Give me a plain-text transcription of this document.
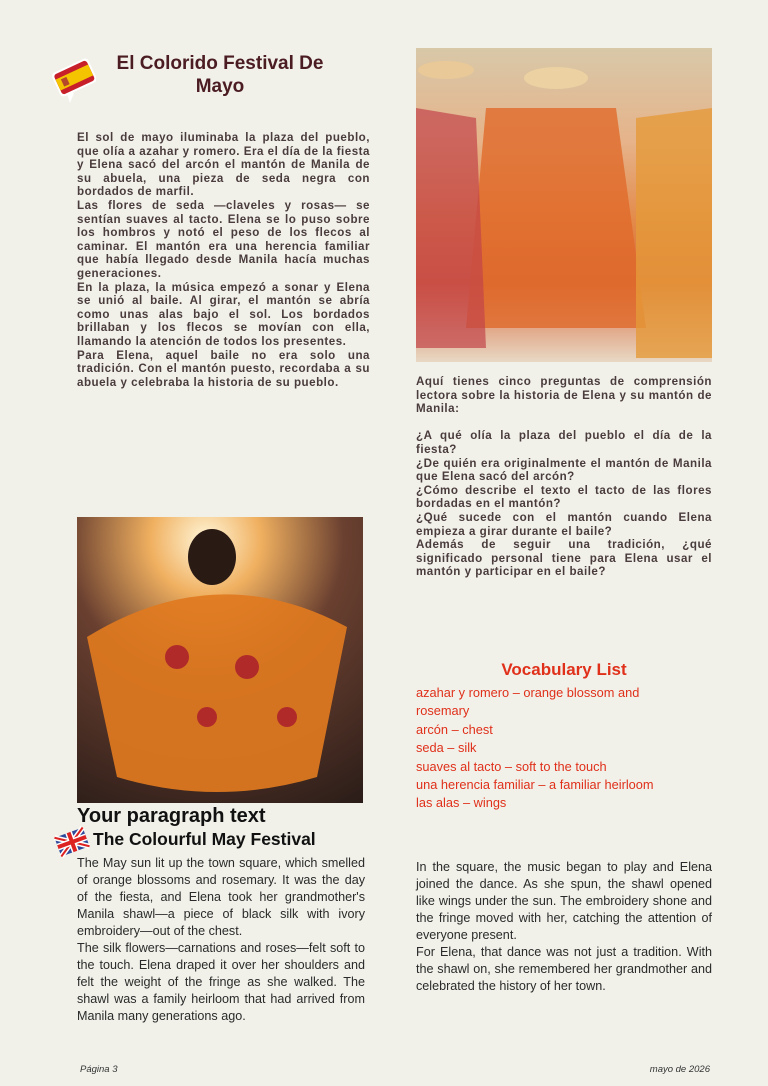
El Colorido Festival De Mayo

El sol de mayo iluminaba la plaza del pueblo, que olía a azahar y romero. Era el día de la fiesta y Elena sacó del arcón el mantón de Manila de su abuela, una pieza de seda negra con bordados de marfil.

Las flores de seda —claveles y rosas— se sentían suaves al tacto. Elena se lo puso sobre los hombros y notó el peso de los flecos al caminar. El mantón era una herencia familiar que había llegado desde Manila hacía muchas generaciones.

En la plaza, la música empezó a sonar y Elena se unió al baile. Al girar, el mantón se abría como unas alas bajo el sol. Los bordados brillaban y los flecos se movían con ella, llamando la atención de todos los presentes.

Para Elena, aquel baile no era solo una tradición. Con el mantón puesto, recordaba a su abuela y celebraba la historia de su pueblo.	Aquí tienes cinco preguntas de comprensión lectora sobre la historia de Elena y su mantón de Manila:

¿A qué olía la plaza del pueblo el día de la fiesta?

¿De quién era originalmente el mantón de Manila que Elena sacó del arcón?

¿Cómo describe el texto el tacto de las flores bordadas en el mantón?

¿Qué sucede con el mantón cuando Elena empieza a girar durante el baile?

Además de seguir una tradición, ¿qué significado personal tiene para Elena usar el mantón y participar en el baile?

Your paragraph text
The Colourful May Festival

The May sun lit up the town square, which smelled of orange blossoms and rosemary. It was the day of the fiesta, and Elena took her grandmother's Manila shawl—a piece of black silk with ivory embroidery—out of the chest.

The silk flowers—carnations and roses—felt soft to the touch. Elena draped it over her shoulders and felt the weight of the fringe as she walked. The shawl was a family heirloom that had arrived from Manila many generations ago.

In the square, the music began to play and Elena joined the dance. As she spun, the shawl opened like wings under the sun. The embroidery shone and the fringe moved with her, catching the attention of everyone present.

For Elena, that dance was not just a tradition. With the shawl on, she remembered her grandmother and celebrated the history of her town.

Vocabulary List
azahar y romero – orange blossom and rosemary
arcón – chest
seda – silk
suaves al tacto – soft to the touch
una herencia familiar – a familiar heirloom
las alas – wings
Página 3	mayo de 2026
